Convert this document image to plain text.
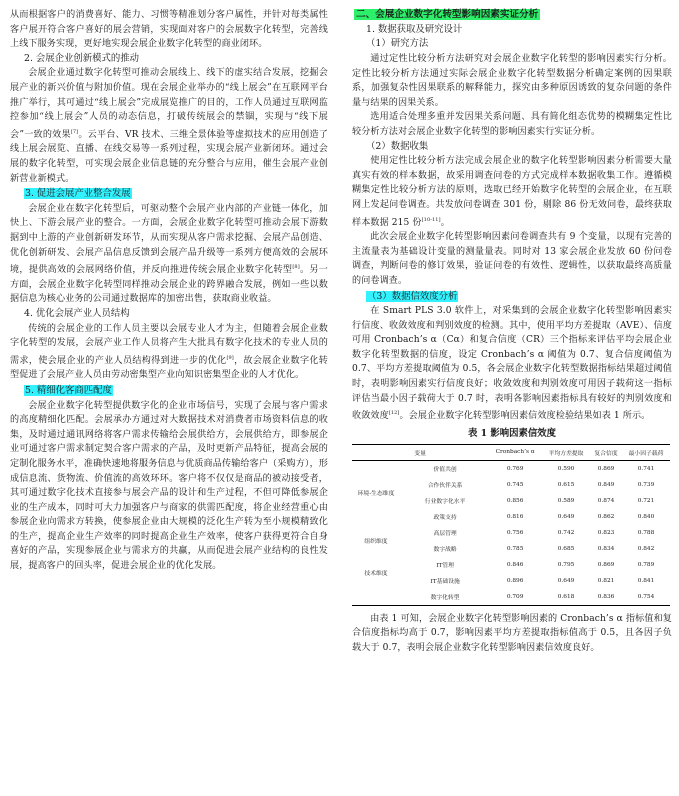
从而根据客户的消费喜好、能力、习惯等精准划分客户属性，并针对每类属性客户展开符合客户喜好的展会营销，实现面对客户的会展数字化转型，完善线上线下服务实现，更好地实现会展企业数字化转型的商业闭环。

2. 会展企业创新模式的推动

会展企业通过数字化转型可推动会展线上、线下的虚实结合发展，挖掘会展产业的新兴价值与附加价值。现在会展企业举办的“线上展会”在互联网平台推广举行，其可通过“线上展会”完成展览推广的目的，工作人员通过互联网监控参加“线上展会”人员的动态信息，打破传统展会的禁锢，实现与“线下展会”一致的效果[7]。云平台、VR 技术、三维全景体验等虚拟技术的应用创造了线上展会展览、直播、在线交易等一系列过程，实现会展产业新闭环。通过会展的数字化转型，可实现会展企业信息链的充分整合与应用，催生会展产业创新营业新模式。

3. 促进会展产业整合发展

会展企业在数字化转型后，可驱动整个会展产业内部的产业链一体化，加快上、下游会展产业的整合。一方面，会展企业数字化转型可推动会展下游数据到中上游的产业创新研发环节，从而实现从客户需求挖掘、会展产品创造、优化创新研发、会展产品信息反馈到会展产品升级等一系列方便高效的会展环境，提供高效的会展网络价值，并反向推进传统会展企业数字化转型[8]。另一方面，会展企业数字化转型同样推动会展企业的跨界融合发展，例如一些以数据信息为核心业务的公司通过数据库的加密出售，获取商业收益。

4. 优化会展产业人员结构

传统的会展企业的工作人员主要以会展专业人才为主，但随着会展企业数字化转型的发展，会展产业工作人员将产生大批具有数字化技术的专业人员的需求，使会展企业的产业人员结构得到进一步的优化[9]，故会展企业数字化转型促进了会展产业人员由劳动密集型产业向知识密集型企业的人才优化。

5. 精细化客商匹配度

会展企业数字化转型提供数字化的企业市场信号，实现了会展与客户需求的高度精细化匹配。会展承办方通过对大数据技术对消费者市场资料信息的收集，及时通过通讯网络将客户需求传输给会展供给方，会展供给方，即参展企业可通过客户需求制定契合客户需求的产品，及时更新产品特征，提高会展的定制化服务水平，准确快速地将服务信息与优质商品传输给客户（采购方），形成信息流、货物流、价值流的高效环环。客户将不仅仅是商品的被动接受者，其可通过数字化技术直接参与展会产品的设计和生产过程，不但可降低参展企业的生产成本，同时可大力加强客户与商家的供需匹配度，将企业经营重心由参展企业向需求方转换，使参展企业由大规模的泛化生产转为至小规模精致化的生产，提高企业生产效率的同时提高企业生产效率，使客户获得更符合自身喜好的产品，实现参展企业与需求方的共赢，从而促进会展产业结构的良性发展，提高客户的回头率，促进会展企业的优化发展。

二、会展企业数字化转型影响因素实证分析
1. 数据获取及研究设计
（1）研究方法

通过定性比较分析方法研究对会展企业数字化转型的影响因素实行分析。定性比较分析方法通过实际会展企业数字化转型数据分析确定案例的因果联系，加强复杂性因果联系的解释能力，探究由多种原因诱致的复杂问题的条件量与结果的因果关系。

选用适合处理多重并发因果关系问题、具有简化组态优势的模糊集定性比较分析方法对会展企业数字化转型的影响因素实行实证分析。

（2）数据收集

使用定性比较分析方法完成会展企业的数字化转型影响因素分析需要大量真实有效的样本数据，故采用调查问卷的方式完成样本数据收集工作。遵循模糊集定性比较分析方法的原则，选取已经开始数字化转型的会展企业，在互联网上发起问卷调查。共发放问卷调查 301 份，剔除 86 份无效问卷，最终获取样本数据 215 份[10-11]。

此次会展企业数字化转型影响因素问卷调查共有 9 个变量，以现有完善的主流量表为基础设计变量的测量量表。同时对 13 家会展企业发放 60 份问卷调查，判断问卷的修订效果，验证问卷的有效性、逻辑性，以获取最终高质量的问卷调查。

（3）数据信效度分析

在 Smart PLS 3.0 软件上，对采集到的会展企业数字化转型影响因素实行信度、收敛效度和判别效度的检测。其中，使用平均方差提取（AVE）、信度可用 Cronbach’s α（Cα）和复合信度（CR）三个指标来评估平均会展企业数字化转型数据的信度，设定 Cronbach’s α 阈值为 0.7、复合信度阈值为 0.7、平均方差提取阈值为 0.5，各会展企业数字化转型数据指标结果超过阈值时，表明影响因素实行信度良好；收敛效度和判别效度可用因子载荷这一指标评估当最小因子载荷大于 0.7 时，表明各影响因素指标具有较好的判别效度和收敛效度[12]。会展企业数字化转型影响因素信效度检验结果如表 1 所示。

表 1 影响因素信效度
变量		Cronbach’s α	平均方差提取	复合信度	最小因子载荷
环境-生态维度	价值共创	0.769	0.590	0.869	0.741
	合作伙伴关系	0.745	0.615	0.849	0.739
	行业数字化水平	0.856	0.589	0.874	0.721
	政策支持	0.816	0.649	0.862	0.840
组织维度	高层管理	0.756	0.742	0.823	0.788
	数字战略	0.785	0.685	0.834	0.842
技术维度	IT管理	0.846	0.795	0.869	0.789
	IT基础设施	0.896	0.649	0.821	0.841
	数字化转型	0.709	0.618	0.836	0.754

由表 1 可知，会展企业数字化转型影响因素的 Cronbach’s α 指标值和复合信度指标均高于 0.7，影响因素平均方差提取指标值高于 0.5，且各因子负载大于 0.7，表明会展企业数字化转型影响因素信效度良好。
